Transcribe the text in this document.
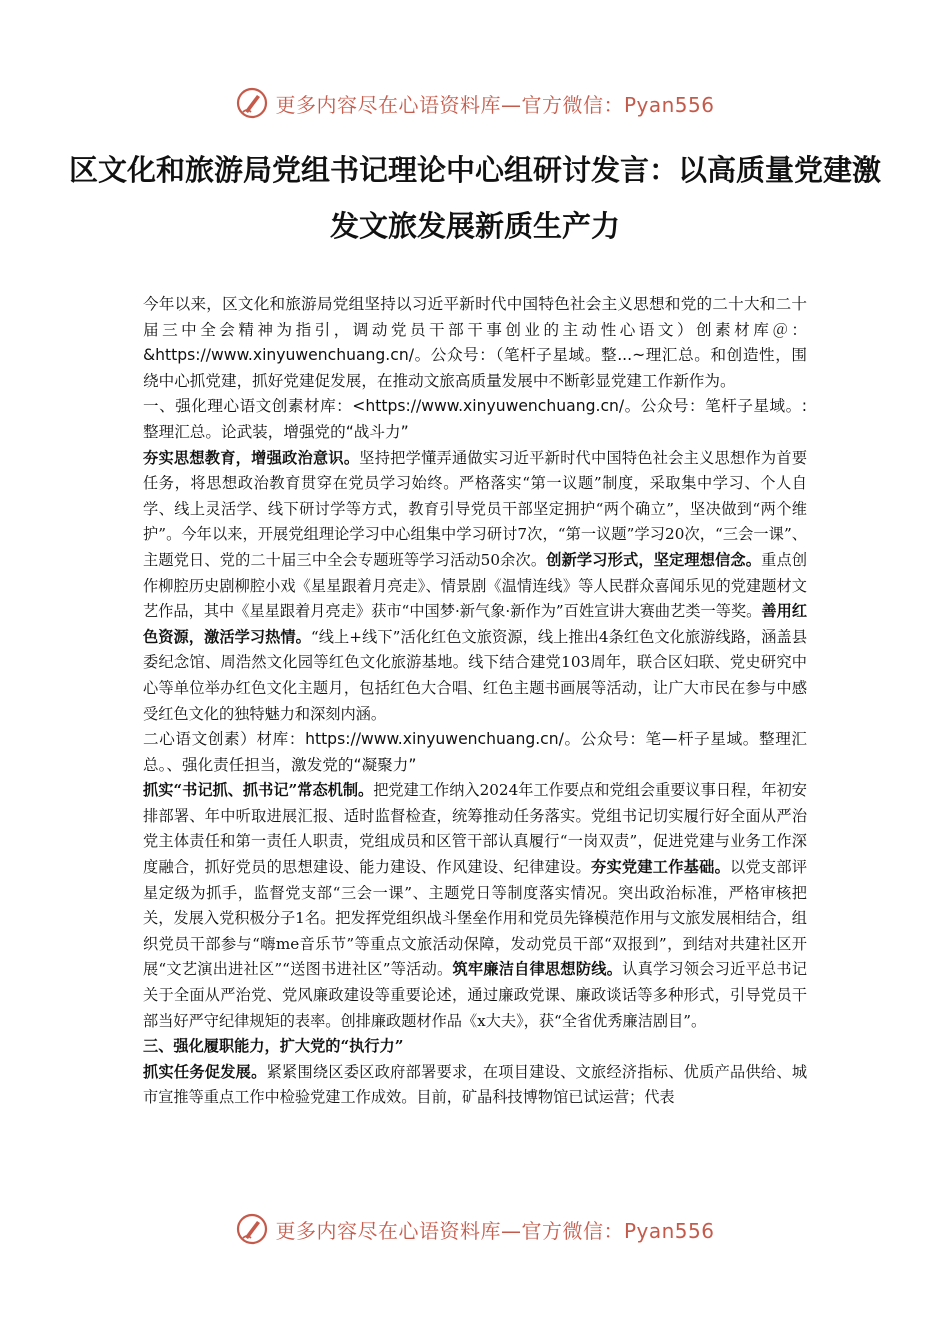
更多内容尽在心语资料库—官方微信：Pyan556
区文化和旅游局党组书记理论中心组研讨发言：以高质量党建激发文旅发展新质生产力

今年以来，区文化和旅游局党组坚持以习近平新时代中国特色社会主义思想和党的二十大和二十届三中全会精神为指引，调动党员干部干事创业的主动性心语文）创素材库＠：&https://www.xinyuwenchuang.cn/。公众号：（笔杆子星域。整...~理汇总。和创造性，围绕中心抓党建，抓好党建促发展，在推动文旅高质量发展中不断彰显党建工作新作为。

一、强化理心语文创素材库：<https://www.xinyuwenchuang.cn/。公众号：笔杆子星域。:整理汇总。论武装，增强党的“战斗力”

夯实思想教育，增强政治意识。坚持把学懂弄通做实习近平新时代中国特色社会主义思想作为首要任务，将思想政治教育贯穿在党员学习始终。严格落实“第一议题”制度，采取集中学习、个人自学、线上灵活学、线下研讨学等方式，教育引导党员干部坚定拥护“两个确立”，坚决做到“两个维护”。今年以来，开展党组理论学习中心组集中学习研讨7次，“第一议题”学习20次，“三会一课”、主题党日、党的二十届三中全会专题班等学习活动50余次。创新学习形式，坚定理想信念。重点创作柳腔历史剧柳腔小戏《星星跟着月亮走》、情景剧《温情连线》等人民群众喜闻乐见的党建题材文艺作品，其中《星星跟着月亮走》获市“中国梦·新气象·新作为”百姓宣讲大赛曲艺类一等奖。善用红色资源，激活学习热情。“线上+线下”活化红色文旅资源，线上推出4条红色文化旅游线路，涵盖县委纪念馆、周浩然文化园等红色文化旅游基地。线下结合建党103周年，联合区妇联、党史研究中心等单位举办红色文化主题月，包括红色大合唱、红色主题书画展等活动，让广大市民在参与中感受红色文化的独特魅力和深刻内涵。

二心语文创素）材库：https://www.xinyuwenchuang.cn/。公众号：笔—杆子星域。整理汇总。、强化责任担当，激发党的“凝聚力”

抓实“书记抓、抓书记”常态机制。把党建工作纳入2024年工作要点和党组会重要议事日程，年初安排部署、年中听取进展汇报、适时监督检查，统筹推动任务落实。党组书记切实履行好全面从严治党主体责任和第一责任人职责，党组成员和区管干部认真履行“一岗双责”，促进党建与业务工作深度融合，抓好党员的思想建设、能力建设、作风建设、纪律建设。夯实党建工作基础。以党支部评星定级为抓手，监督党支部“三会一课”、主题党日等制度落实情况。突出政治标准，严格审核把关，发展入党积极分子1名。把发挥党组织战斗堡垒作用和党员先锋模范作用与文旅发展相结合，组织党员干部参与“嗨me音乐节”等重点文旅活动保障，发动党员干部“双报到”，到结对共建社区开展“文艺演出进社区”“送图书进社区”等活动。筑牢廉洁自律思想防线。认真学习领会习近平总书记关于全面从严治党、党风廉政建设等重要论述，通过廉政党课、廉政谈话等多种形式，引导党员干部当好严守纪律规矩的表率。创排廉政题材作品《x大夫》，获“全省优秀廉洁剧目”。

三、强化履职能力，扩大党的“执行力”

抓实任务促发展。紧紧围绕区委区政府部署要求，在项目建设、文旅经济指标、优质产品供给、城市宣推等重点工作中检验党建工作成效。目前，矿晶科技博物馆已试运营；代表

更多内容尽在心语资料库—官方微信：Pyan556
